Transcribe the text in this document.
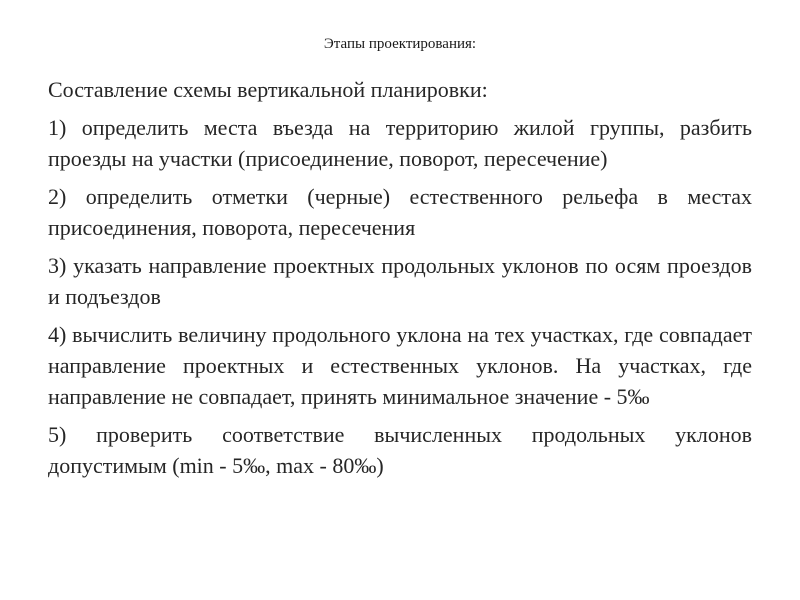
Этапы проектирования:

Составление схемы вертикальной планировки:

1) определить места въезда на территорию жилой группы, разбить проезды на участки (присоединение, поворот, пересечение)

2) определить отметки (черные) естественного рельефа в местах присоединения, поворота, пересечения

3) указать направление проектных продольных уклонов по осям проездов и подъездов

4) вычислить величину продольного уклона на тех участках, где совпадает направление проектных и естественных уклонов. На участках, где направление не совпадает, принять минимальное значение - 5‰

5) проверить соответствие вычисленных продольных уклонов допустимым (min - 5‰, max - 80‰)
